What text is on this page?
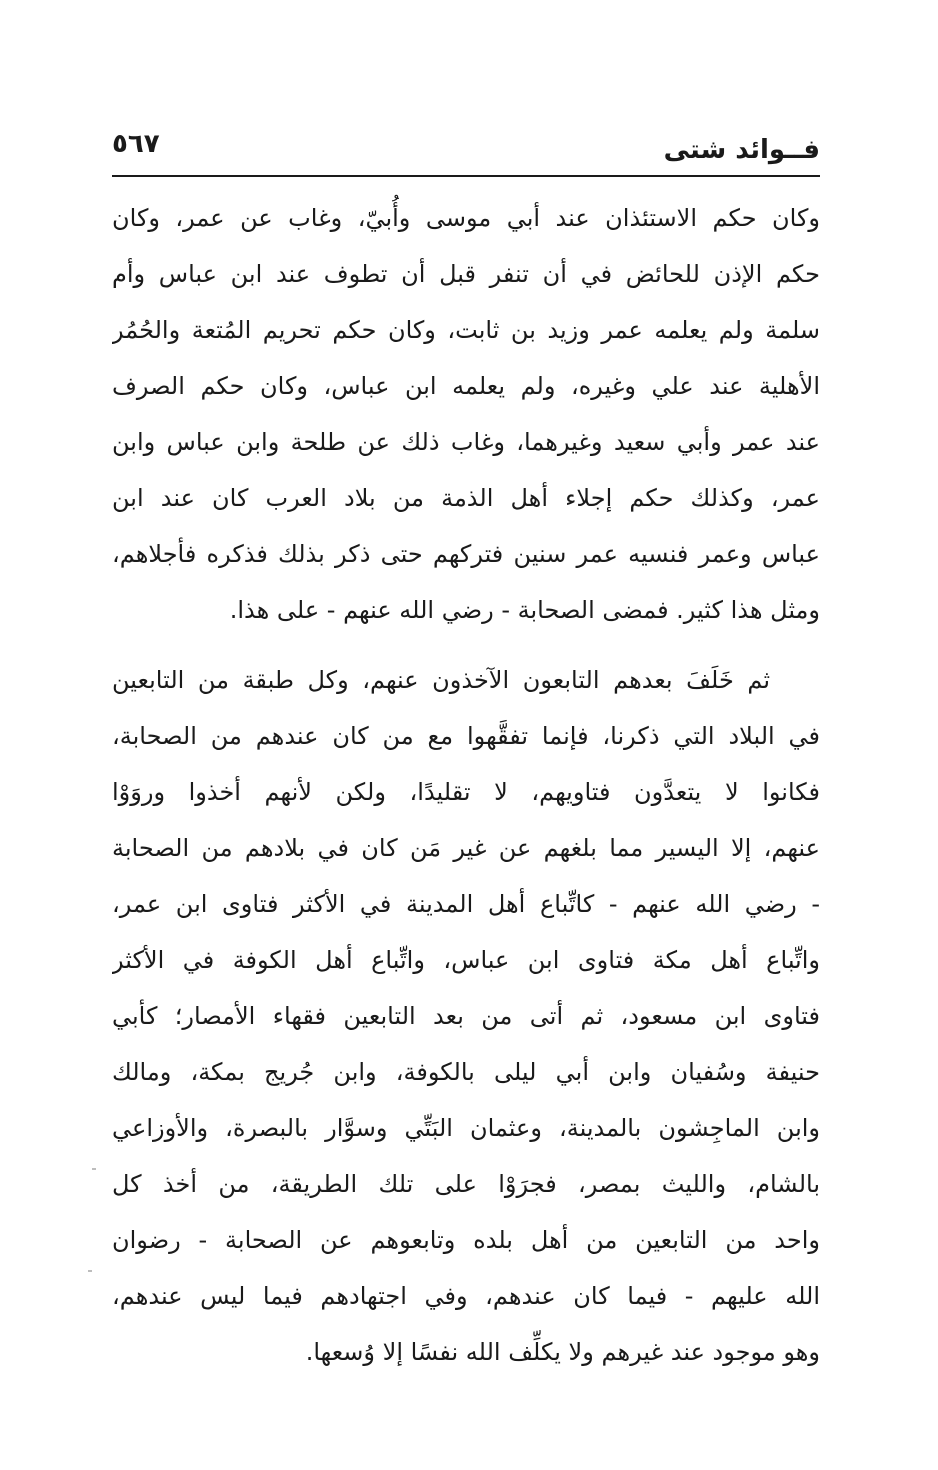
فــوائد شتى
٥٦٧
وكان حكم الاستئذان عند أبي موسى وأُبيّ، وغاب عن عمر، وكان
حكم الإذن للحائض في أن تنفر قبل أن تطوف عند ابن عباس وأم
سلمة ولم يعلمه عمر وزيد بن ثابت، وكان حكم تحريم المُتعة والحُمُر
الأهلية عند علي وغيره، ولم يعلمه ابن عباس، وكان حكم الصرف
عند عمر وأبي سعيد وغيرهما، وغاب ذلك عن طلحة وابن عباس وابن
عمر، وكذلك حكم إجلاء أهل الذمة من بلاد العرب كان عند ابن
عباس وعمر فنسيه عمر سنين فتركهم حتى ذكر بذلك فذكره فأجلاهم،
ومثل هذا كثير. فمضى الصحابة - رضي الله عنهم - على هذا.
ثم خَلَفَ بعدهم التابعون الآخذون عنهم، وكل طبقة من التابعين
في البلاد التي ذكرنا، فإنما تفقَّهوا مع من كان عندهم من الصحابة،
فكانوا لا يتعدَّون فتاويهم، لا تقليدًا، ولكن لأنهم أخذوا وروَوْا
عنهم، إلا اليسير مما بلغهم عن غير مَن كان في بلادهم من الصحابة
- رضي الله عنهم - كاتِّباع أهل المدينة في الأكثر فتاوى ابن عمر،
واتِّباع أهل مكة فتاوى ابن عباس، واتِّباع أهل الكوفة في الأكثر
فتاوى ابن مسعود، ثم أتى من بعد التابعين فقهاء الأمصار؛ كأبي
حنيفة وسُفيان وابن أبي ليلى بالكوفة، وابن جُريج بمكة، ومالك
وابن الماجِشون بالمدينة، وعثمان البَتِّي وسوَّار بالبصرة، والأوزاعي
بالشام، والليث بمصر، فجرَوْا على تلك الطريقة، من أخذ كل
واحد من التابعين من أهل بلده وتابعوهم عن الصحابة - رضوان
الله عليهم - فيما كان عندهم، وفي اجتهادهم فيما ليس عندهم،
وهو موجود عند غيرهم ولا يكلِّف الله نفسًا إلا وُسعها.
